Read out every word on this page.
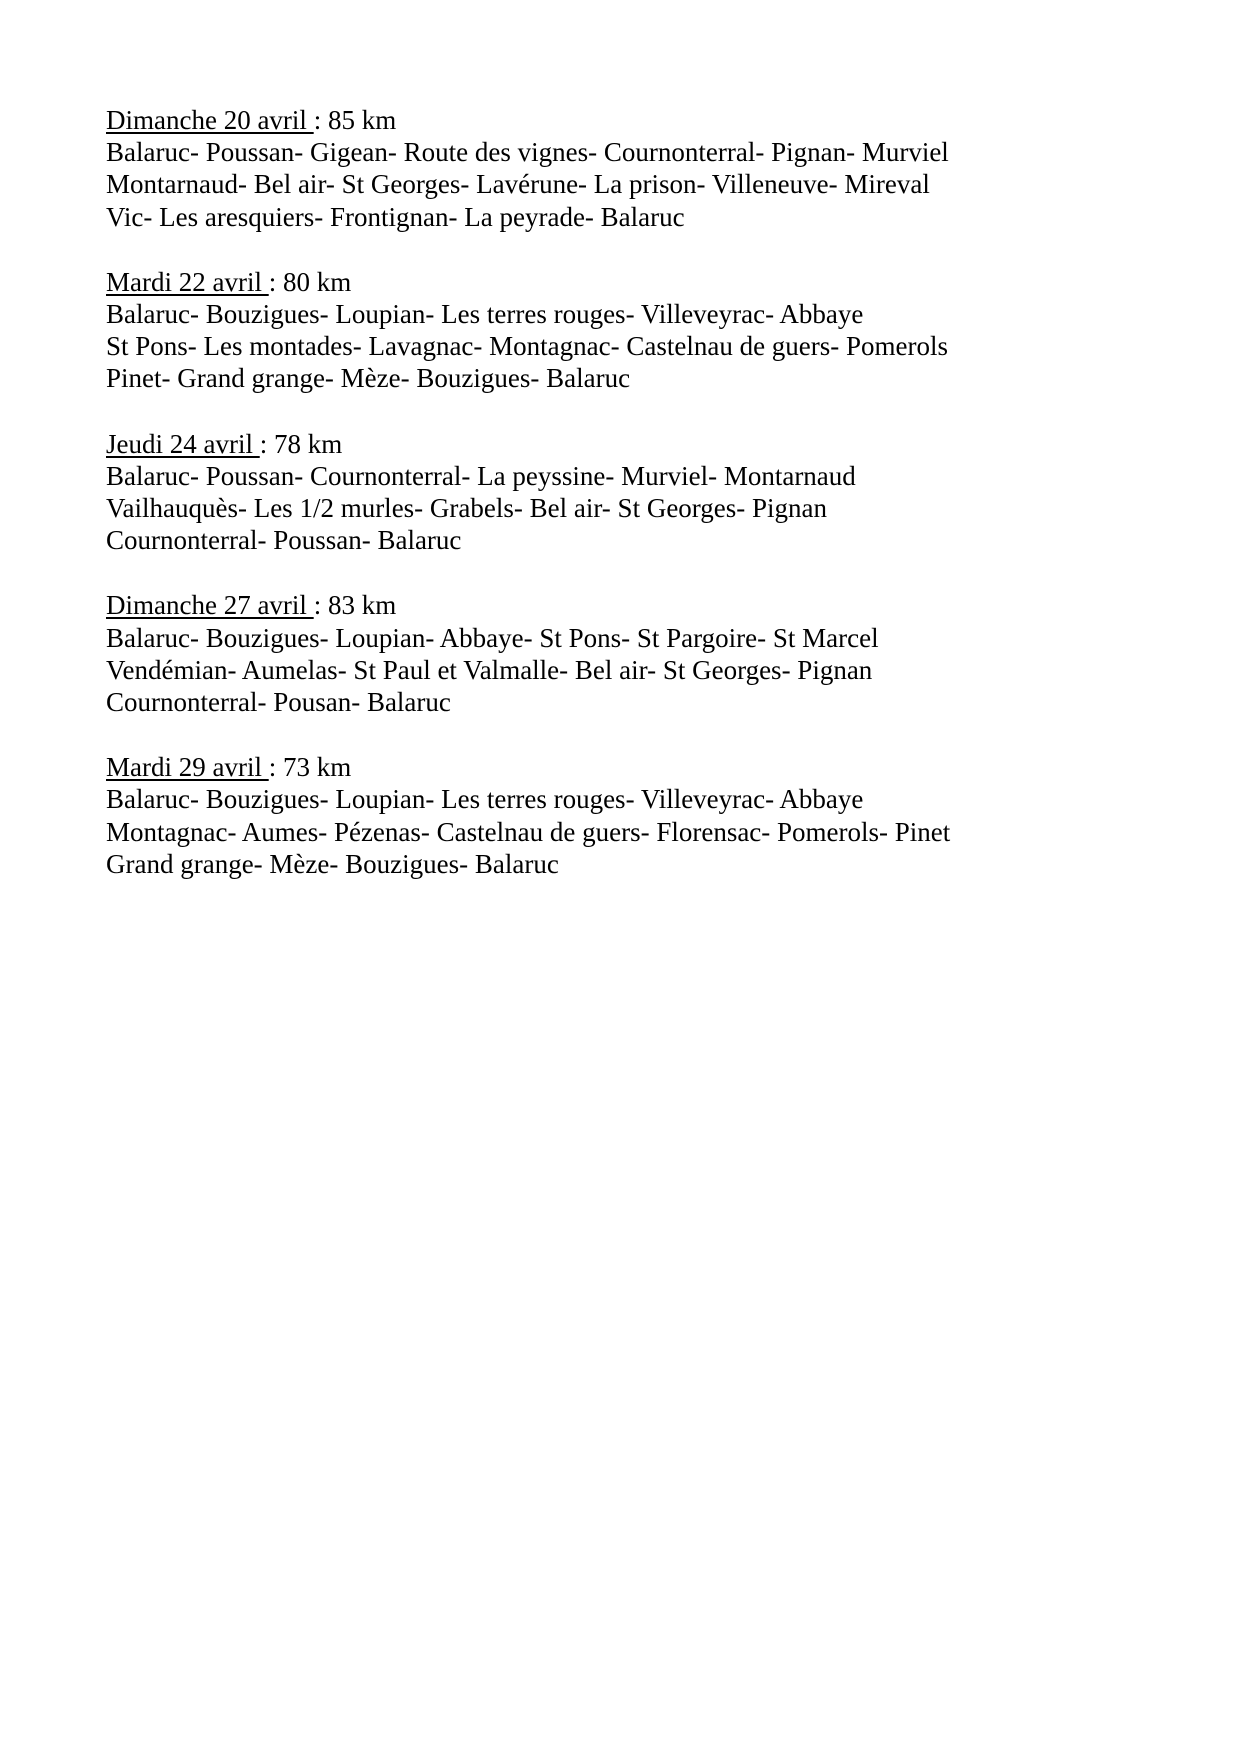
Dimanche 20 avril : 85 km

Balaruc- Poussan- Gigean- Route des vignes- Cournonterral- Pignan- Murviel

Montarnaud- Bel air- St Georges- Lavérune- La prison- Villeneuve- Mireval

Vic- Les aresquiers- Frontignan- La peyrade- Balaruc

Mardi 22 avril : 80 km

Balaruc- Bouzigues- Loupian- Les terres rouges- Villeveyrac- Abbaye

St Pons- Les montades- Lavagnac- Montagnac- Castelnau de guers- Pomerols

Pinet- Grand grange- Mèze- Bouzigues- Balaruc

Jeudi 24 avril : 78 km

Balaruc- Poussan- Cournonterral- La peyssine- Murviel- Montarnaud

Vailhauquès- Les 1/2 murles- Grabels- Bel air- St Georges- Pignan

Cournonterral- Poussan- Balaruc

Dimanche 27 avril : 83 km

Balaruc- Bouzigues- Loupian- Abbaye- St Pons- St Pargoire- St Marcel

Vendémian- Aumelas- St Paul et Valmalle- Bel air- St Georges- Pignan

Cournonterral- Pousan- Balaruc

Mardi 29 avril : 73 km

Balaruc- Bouzigues- Loupian- Les terres rouges- Villeveyrac- Abbaye

Montagnac- Aumes- Pézenas- Castelnau de guers- Florensac- Pomerols- Pinet

Grand grange- Mèze- Bouzigues- Balaruc
